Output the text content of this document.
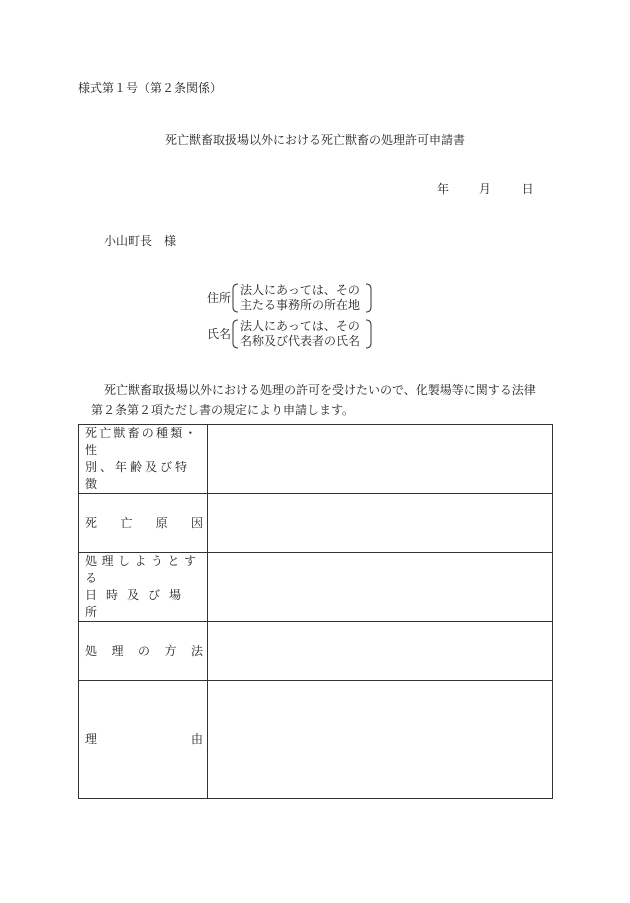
様式第１号（第２条関係）
死亡獣畜取扱場以外における死亡獣畜の処理許可申請書
年 月	日
小山町長　様
住所
法人にあっては、その
主たる事務所の所在地
氏名
法人にあっては、その
名称及び代表者の氏名
死亡獣畜取扱場以外における処理の許可を受けたいので、化製場等に関する法律
第２条第２項ただし書の規定により申請します。
死亡獣畜の種類・性
別、年齢及び特徴	

死 亡 原 因	

処理しようとする
日時及び場所	

処 理 の 方 法	

理 由	
